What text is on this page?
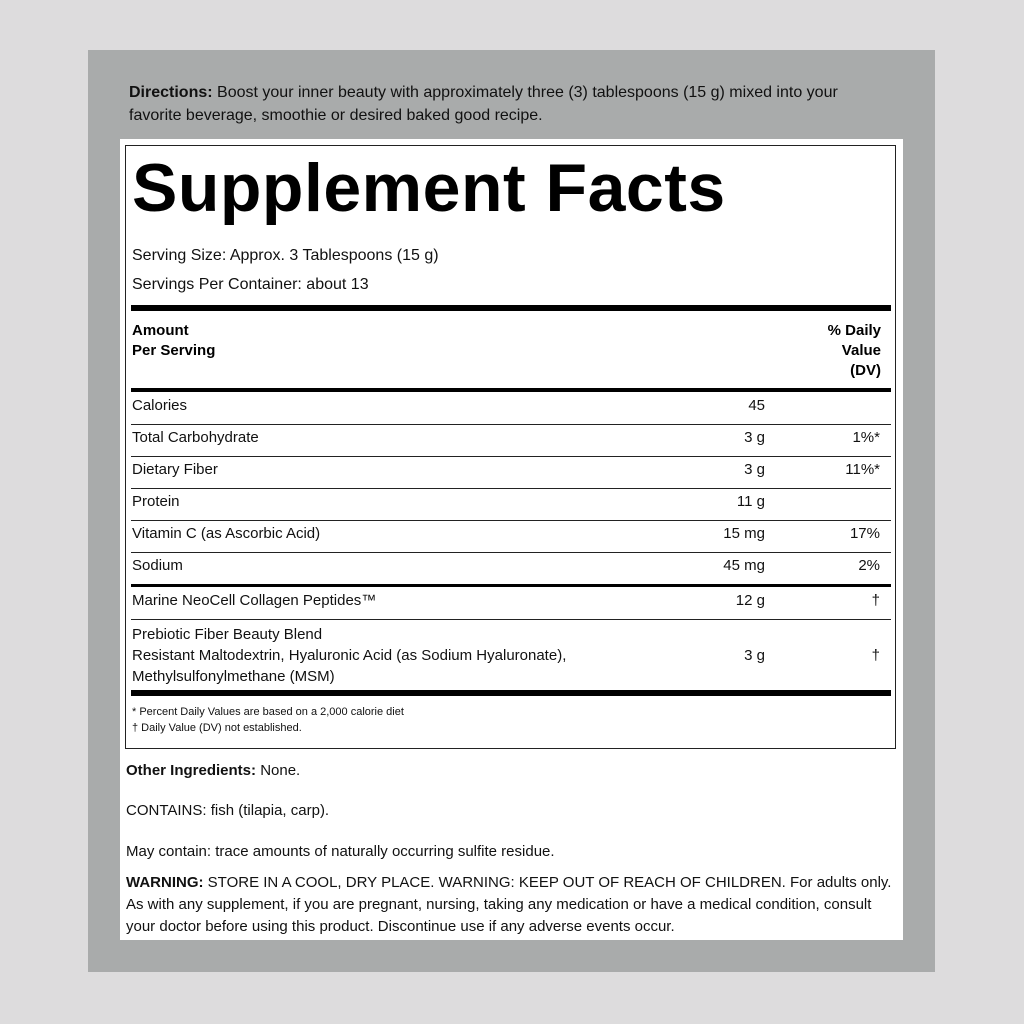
Directions: Boost your inner beauty with approximately three (3) tablespoons (15 g) mixed into your favorite beverage, smoothie or desired baked good recipe.
Supplement Facts
Serving Size: Approx. 3 Tablespoons (15 g)
Servings Per Container: about 13
Amount
Per Serving
% Daily
Value
(DV)
Calories	45
Total Carbohydrate	3 g	1%*
Dietary Fiber	3 g	11%*
Protein	11 g
Vitamin C (as Ascorbic Acid)	15 mg	17%
Sodium	45 mg	2%
Marine NeoCell Collagen Peptides™	12 g	†
Prebiotic Fiber Beauty Blend
Resistant Maltodextrin, Hyaluronic Acid (as Sodium Hyaluronate),
Methylsulfonylmethane (MSM)
3 g	†
* Percent Daily Values are based on a 2,000 calorie diet
† Daily Value (DV) not established.
Other Ingredients: None.
CONTAINS: fish (tilapia, carp).
May contain: trace amounts of naturally occurring sulfite residue.
WARNING: STORE IN A COOL, DRY PLACE. WARNING: KEEP OUT OF REACH OF CHILDREN. For adults only. As with any supplement, if you are pregnant, nursing, taking any medication or have a medical condition, consult your doctor before using this product. Discontinue use if any adverse events occur.
